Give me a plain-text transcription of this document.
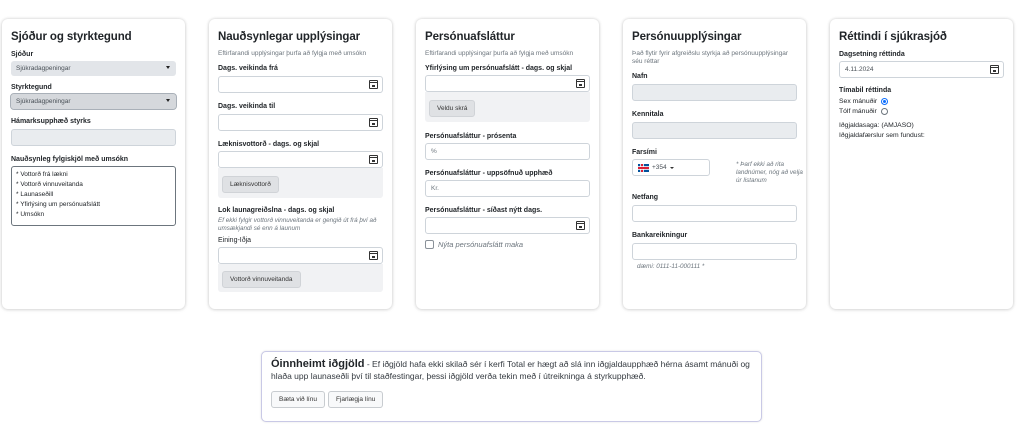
Sjóður og styrktegund
Sjóður
Sjúkradagpeningar
Styrktegund
Sjúkradagpeningar
Hámarksupphæð styrks
Nauðsynleg fylgiskjöl með umsókn
* Vottorð frá lækni
* Vottorð vinnuveitanda
* Launaseðill
* Yfirlýsing um persónuafslátt
* Umsókn
Nauðsynlegar upplýsingar
Eftirfarandi upplýsingar þurfa að fylgja með umsókn
Dags. veikinda frá
Dags. veikinda til
Læknisvottorð - dags. og skjal
Læknisvottorð
Lok launagreiðslna - dags. og skjal
Ef ekki fylgir vottorð vinnuveitanda er gengið út frá því að umsækjandi sé enn á launum
Eining-Iðja
Vottorð vinnuveitanda
Persónuafsláttur
Eftirfarandi upplýsingar þurfa að fylgja með umsókn
Yfirlýsing um persónuafslátt - dags. og skjal
Veldu skrá
Persónuafsláttur - prósenta
%
Persónuafsláttur - uppsöfnuð upphæð
Kr.
Persónuafsláttur - síðast nýtt dags.
Nýta persónuafslátt maka
Persónuupplýsingar
Það flytir fyrir afgreiðslu styrkja að persónuupplýsingar séu réttar
Nafn
Kennitala
Farsími
+354	* Þarf ekki að rita landnúmer, nóg að velja úr listanum
Netfang
Bankareikningur
dæmi: 0111-11-000111 *
Réttindi í sjúkrasjóð
Dagsetning réttinda
4.11.2024
Tímabil réttinda
Sex mánuðir
Tólf mánuðir
Iðgjaldasaga: (AMJASO)
Iðgjaldafærslur sem fundust:
Óinnheimt iðgjöld - Ef iðgjöld hafa ekki skilað sér í kerfi Total er hægt að slá inn iðgjaldaupphæð hérna ásamt mánuði og hlaða upp launaseðli því til staðfestingar, þessi iðgjöld verða tekin með í útreikninga á styrkupphæð.
Bæta við línu	Fjarlægja línu
